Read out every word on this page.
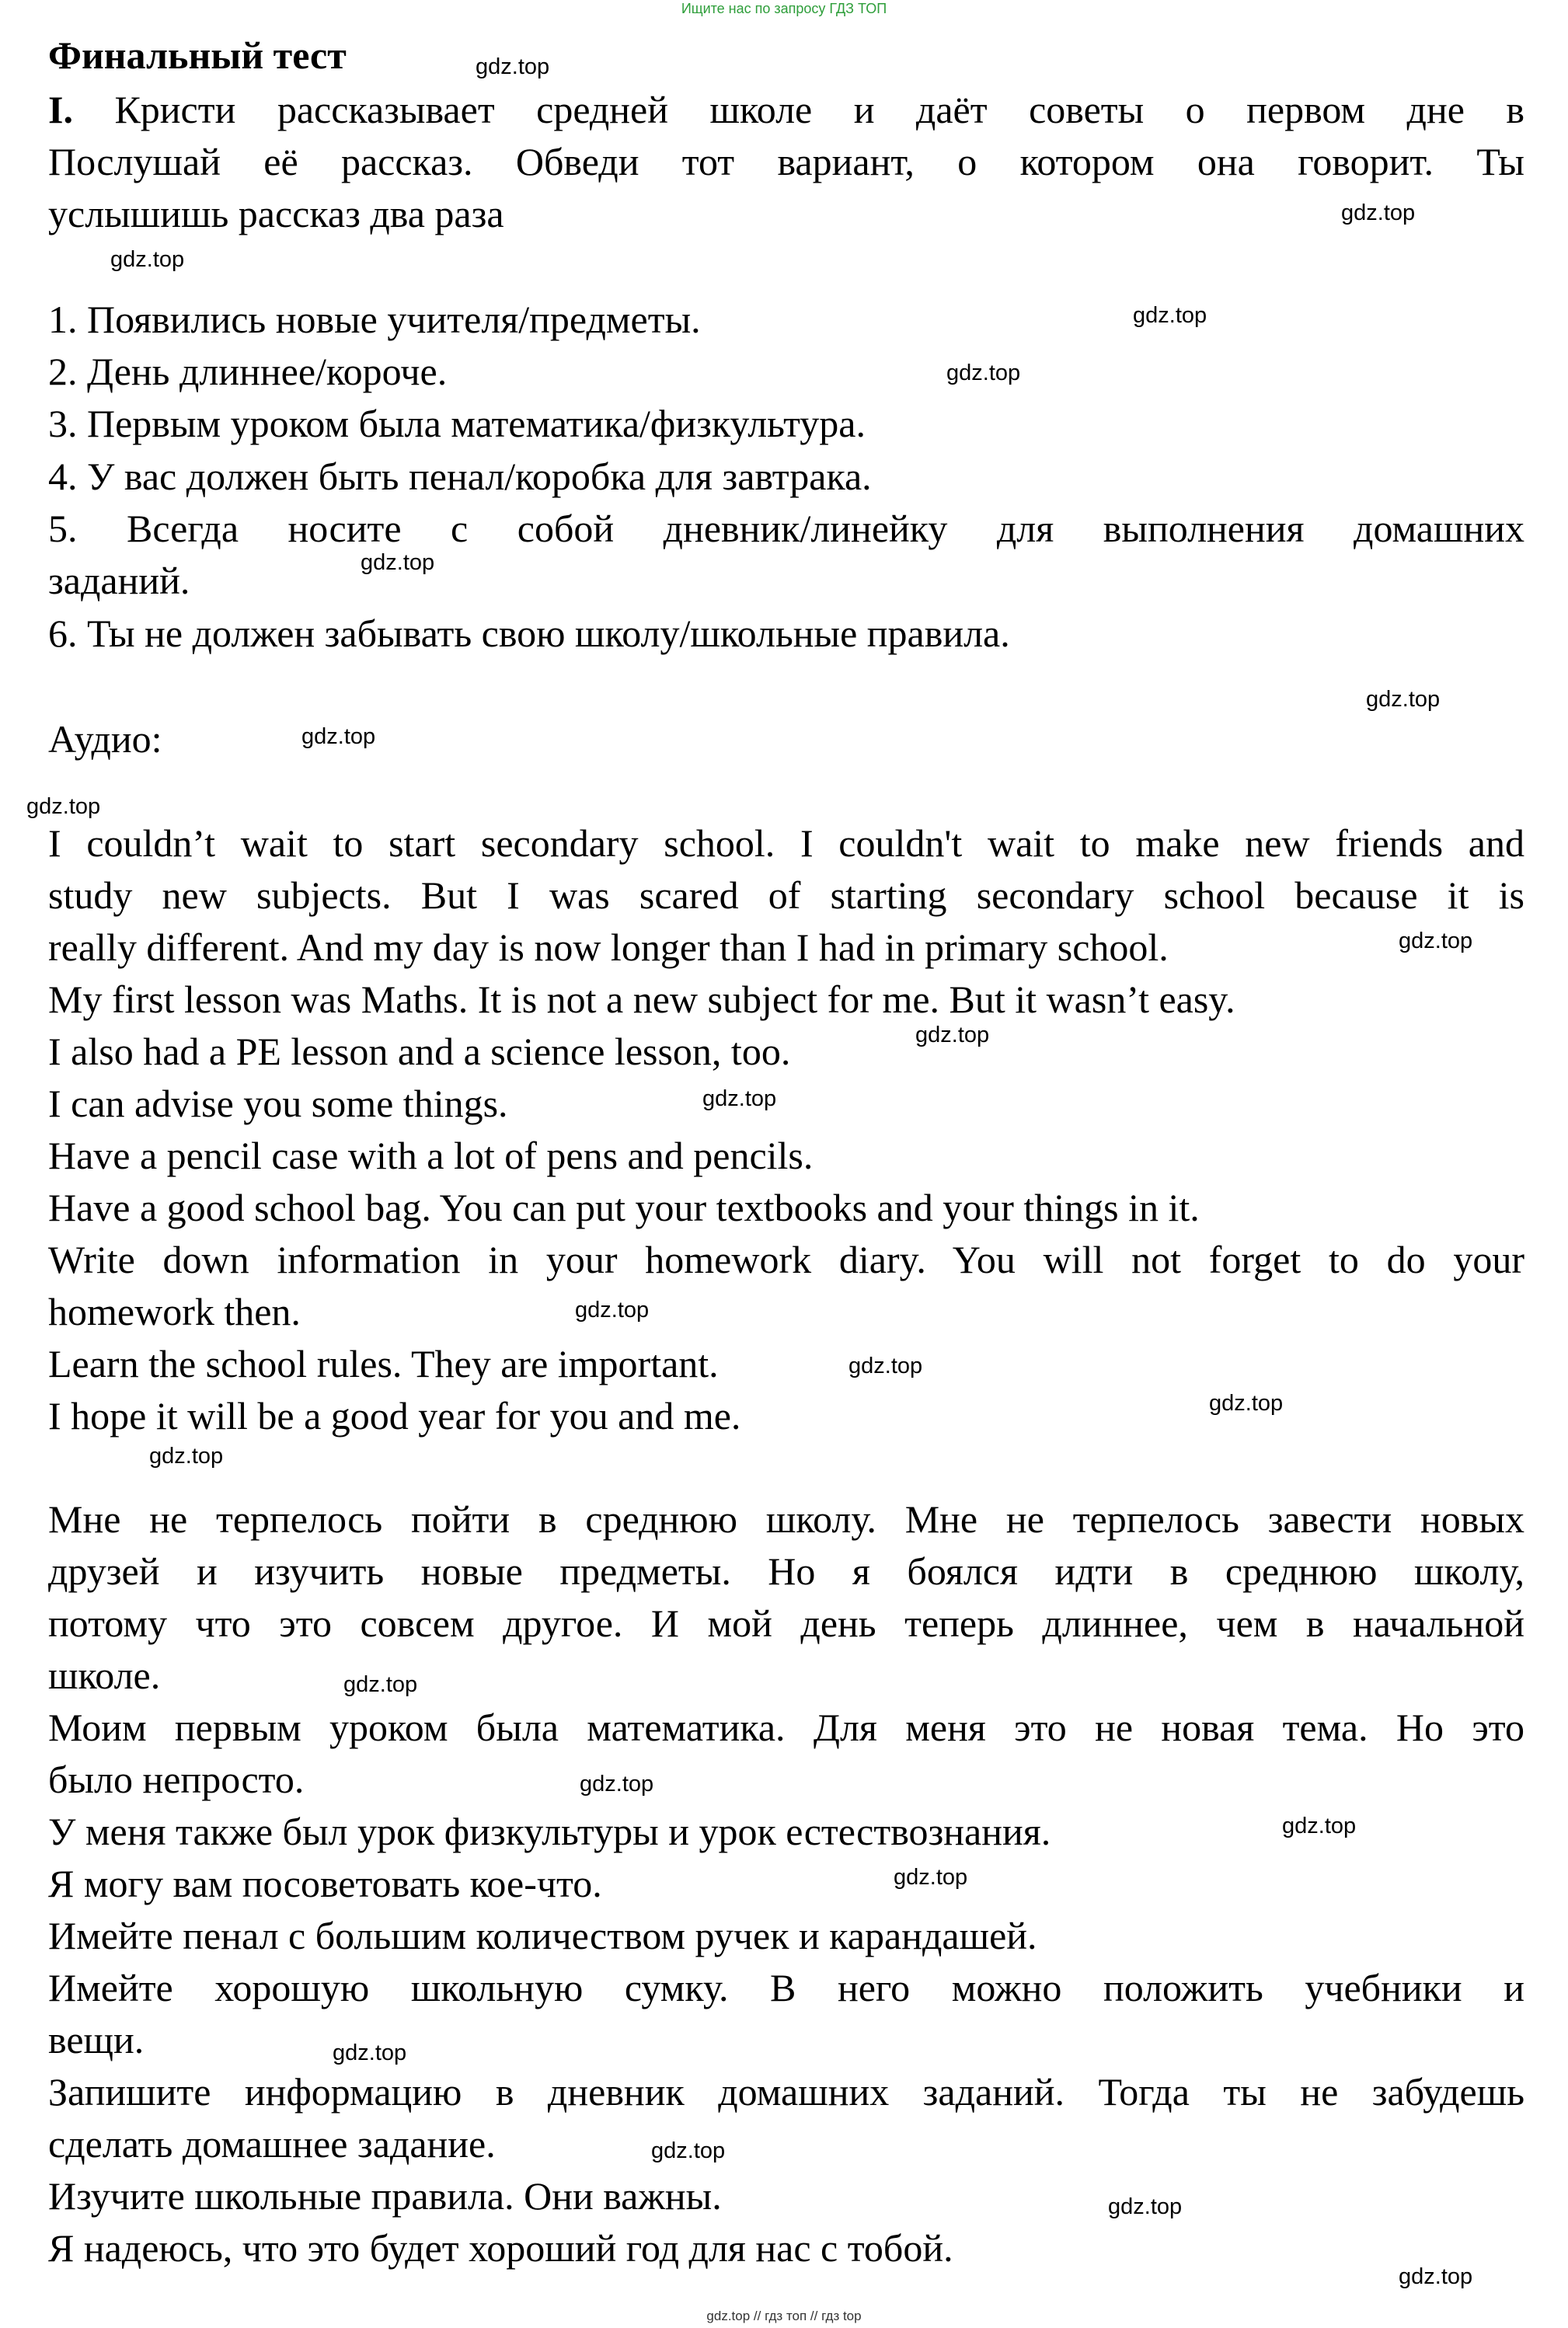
Ищите нас по запросу ГДЗ ТОП
Финальный тест
I. Кристи рассказывает средней школе и даёт советы о первом дне в
Послушай её рассказ. Обведи тот вариант, о котором она говорит. Ты
услышишь рассказ два раза
1. Появились новые учителя/предметы.
2. День длиннее/короче.
3. Первым уроком была математика/физкультура.
4. У вас должен быть пенал/коробка для завтрака.
5. Всегда носите с собой дневник/линейку для выполнения домашних
заданий.
6. Ты не должен забывать свою школу/школьные правила.
Аудио:
I couldn’t wait to start secondary school. I couldn't wait to make new friends and
study new subjects. But I was scared of starting secondary school because it is
really different. And my day is now longer than I had in primary school.
My first lesson was Maths. It is not a new subject for me. But it wasn’t easy.
I also had a PE lesson and a science lesson, too.
I can advise you some things.
Have a pencil case with a lot of pens and pencils.
Have a good school bag. You can put your textbooks and your things in it.
Write down information in your homework diary. You will not forget to do your
homework then.
Learn the school rules. They are important.
I hope it will be a good year for you and me.
Мне не терпелось пойти в среднюю школу. Мне не терпелось завести новых
друзей и изучить новые предметы. Но я боялся идти в среднюю школу,
потому что это совсем другое. И мой день теперь длиннее, чем в начальной
школе.
Моим первым уроком была математика. Для меня это не новая тема. Но это
было непросто.
У меня также был урок физкультуры и урок естествознания.
Я могу вам посоветовать кое-что.
Имейте пенал с большим количеством ручек и карандашей.
Имейте хорошую школьную сумку. В него можно положить учебники и
вещи.
Запишите информацию в дневник домашних заданий. Тогда ты не забудешь
сделать домашнее задание.
Изучите школьные правила. Они важны.
Я надеюсь, что это будет хороший год для нас с тобой.
gdz.top
gdz.top
gdz.top
gdz.top
gdz.top
gdz.top
gdz.top
gdz.top
gdz.top
gdz.top
gdz.top
gdz.top
gdz.top
gdz.top
gdz.top
gdz.top
gdz.top
gdz.top
gdz.top
gdz.top
gdz.top
gdz.top
gdz.top
gdz.top
gdz.top // гдз топ // гдз top
